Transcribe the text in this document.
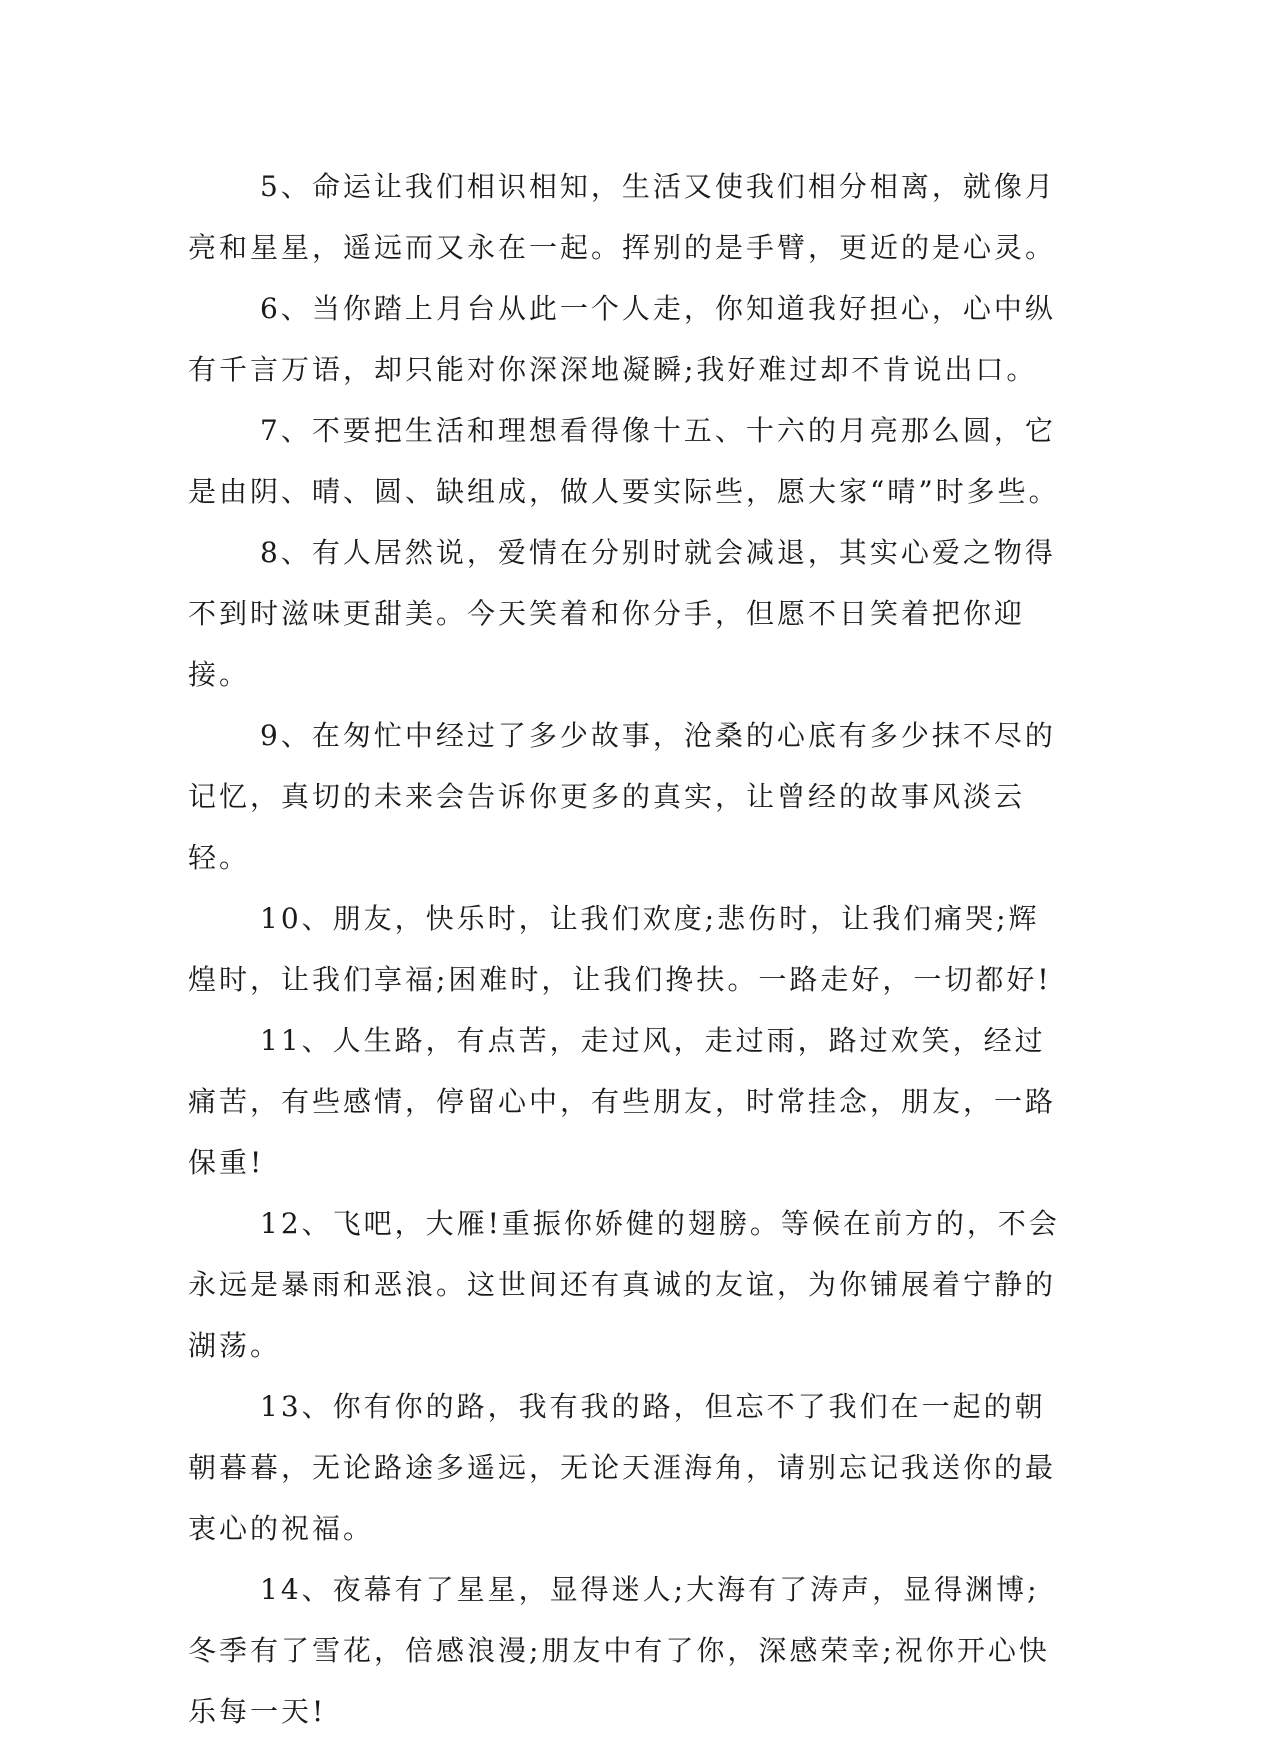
5、命运让我们相识相知，生活又使我们相分相离，就像月亮和星星，遥远而又永在一起。挥别的是手臂，更近的是心灵。

6、当你踏上月台从此一个人走，你知道我好担心，心中纵有千言万语，却只能对你深深地凝瞬;我好难过却不肯说出口。

7、不要把生活和理想看得像十五、十六的月亮那么圆，它是由阴、晴、圆、缺组成，做人要实际些，愿大家“晴”时多些。

8、有人居然说，爱情在分别时就会减退，其实心爱之物得不到时滋味更甜美。今天笑着和你分手，但愿不日笑着把你迎接。

9、在匆忙中经过了多少故事，沧桑的心底有多少抹不尽的记忆，真切的未来会告诉你更多的真实，让曾经的故事风淡云轻。

10、朋友，快乐时，让我们欢度;悲伤时，让我们痛哭;辉煌时，让我们享福;困难时，让我们搀扶。一路走好，一切都好!

11、人生路，有点苦，走过风，走过雨，路过欢笑，经过痛苦，有些感情，停留心中，有些朋友，时常挂念，朋友，一路保重!

12、飞吧，大雁!重振你娇健的翅膀。等候在前方的，不会永远是暴雨和恶浪。这世间还有真诚的友谊，为你铺展着宁静的湖荡。

13、你有你的路，我有我的路，但忘不了我们在一起的朝朝暮暮，无论路途多遥远，无论天涯海角，请别忘记我送你的最衷心的祝福。

14、夜幕有了星星，显得迷人;大海有了涛声，显得渊博;冬季有了雪花，倍感浪漫;朋友中有了你，深感荣幸;祝你开心快乐每一天!
